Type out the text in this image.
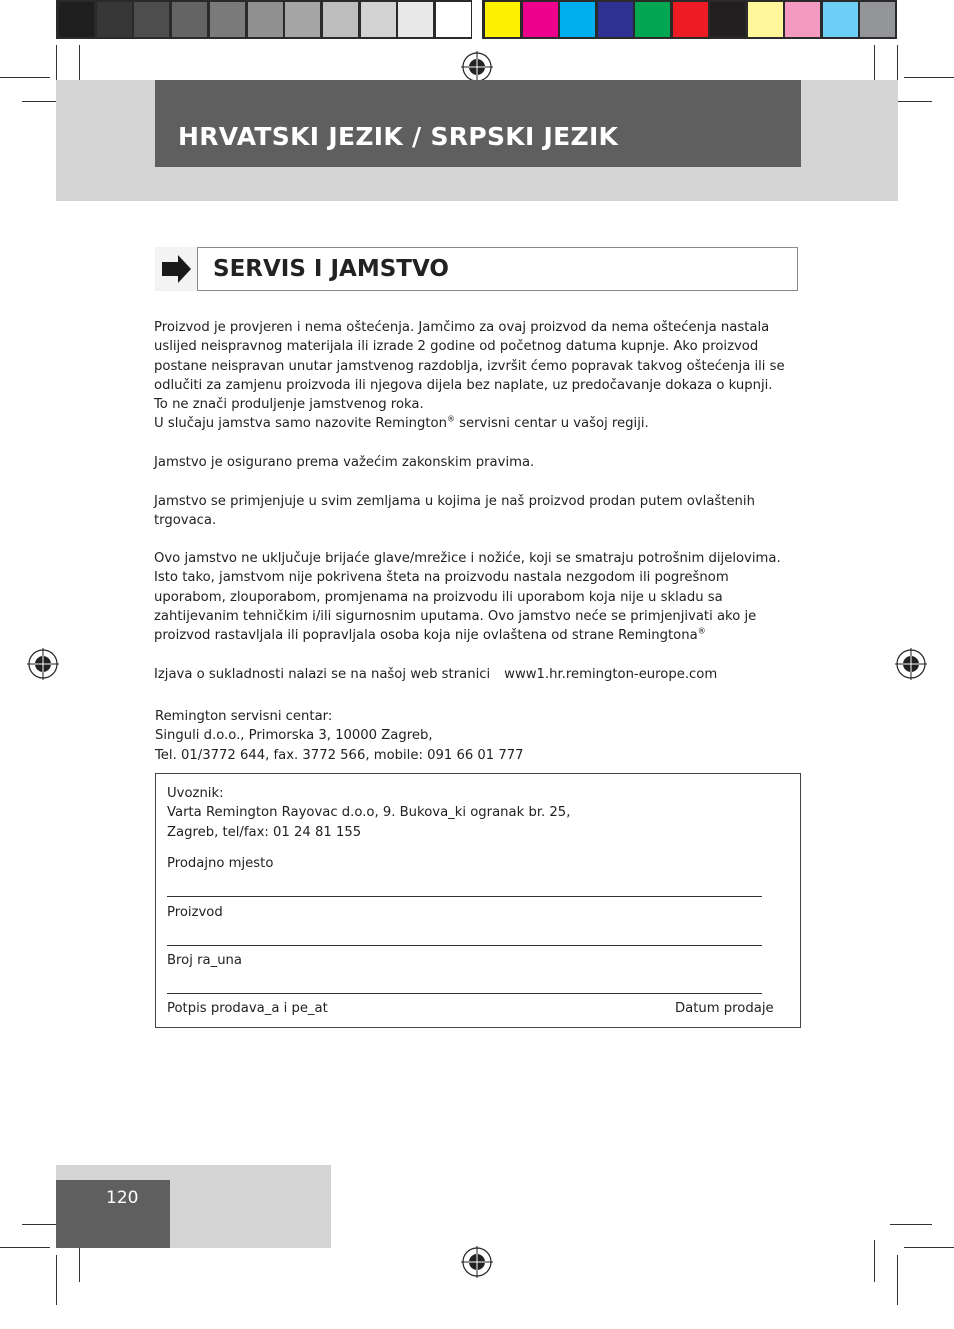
HRVATSKI JEZIK / SRPSKI JEZIK
SERVIS I JAMSTVO
Proizvod je provjeren i nema oštećenja. Jamčimo za ovaj proizvod da nema oštećenja nastala
uslijed neispravnog materijala ili izrade 2 godine od početnog datuma kupnje. Ako proizvod
postane neispravan unutar jamstvenog razdoblja, izvršit ćemo popravak takvog oštećenja ili se
odlučiti za zamjenu proizvoda ili njegova dijela bez naplate, uz predočavanje dokaza o kupnji.
To ne znači produljenje jamstvenog roka.
U slučaju jamstva samo nazovite Remington® servisni centar u vašoj regiji.
Jamstvo je osigurano prema važećim zakonskim pravima.
Jamstvo se primjenjuje u svim zemljama u kojima je naš proizvod prodan putem ovlaštenih
trgovaca.
Ovo jamstvo ne uključuje brijaće glave/mrežice i nožiće, koji se smatraju potrošnim dijelovima.
Isto tako, jamstvom nije pokrivena šteta na proizvodu nastala nezgodom ili pogrešnom
uporabom, zlouporabom, promjenama na proizvodu ili uporabom koja nije u skladu sa
zahtijevanim tehničkim i/ili sigurnosnim uputama. Ovo jamstvo neće se primjenjivati ako je
proizvod rastavljala ili popravljala osoba koja nije ovlaštena od strane Remingtona®
Izjava o sukladnosti nalazi se na našoj web stranici www1.hr.remington-europe.com
Remington servisni centar:
Singuli d.o.o., Primorska 3, 10000 Zagreb,
Tel. 01/3772 644, fax. 3772 566, mobile: 091 66 01 777
Uvoznik:
Varta Remington Rayovac d.o.o, 9. Bukova_ki ogranak br. 25,
Zagreb, tel/fax: 01 24 81 155
Prodajno mjesto
Proizvod
Broj ra_una
Potpis prodava_a i pe_at	Datum prodaje
120
